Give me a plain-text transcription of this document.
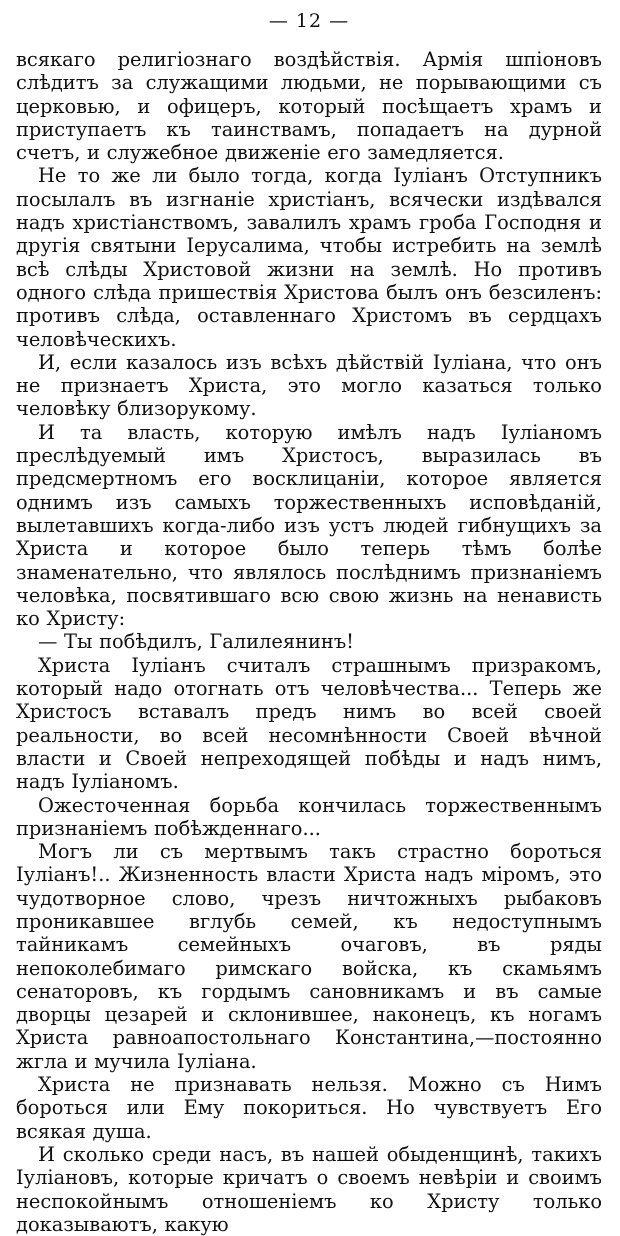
— 12 —

всякаго религiознаго воздѣйствiя. Армiя шпiоновъ слѣдитъ за служащими людьми, не порывающими съ церковью, и офицеръ, который посѣщаетъ храмъ и приступаетъ къ таинствамъ, попадаетъ на дурной счетъ, и служебное движенiе его замедляется.

Не то же ли было тогда, когда Iулiанъ Отступникъ посылалъ въ изгнанiе христiанъ, всячески издѣвался надъ христiанствомъ, завалилъ храмъ гроба Господня и другiя святыни Iерусалима, чтобы истребить на землѣ всѣ слѣды Христовой жизни на землѣ. Но противъ одного слѣда пришествiя Христова былъ онъ безсиленъ: противъ слѣда, оставленнаго Христомъ въ сердцахъ человѣческихъ.

И, если казалось изъ всѣхъ дѣйствiй Iулiана, что онъ не признаетъ Христа, это могло казаться только человѣку близорукому.

И та власть, которую имѣлъ надъ Iулiаномъ преслѣдуемый имъ Христосъ, выразилась въ предсмертномъ его восклицанiи, которое является однимъ изъ самыхъ торжественныхъ исповѣданiй, вылетавшихъ когда-либо изъ устъ людей гибнущихъ за Христа и которое было теперь тѣмъ болѣе знаменательно, что являлось послѣднимъ признанiемъ человѣка, посвятившаго всю свою жизнь на ненависть ко Христу:

— Ты побѣдилъ, Галилеянинъ!

Христа Iулiанъ считалъ страшнымъ призракомъ, который надо отогнать отъ человѣчества... Теперь же Христосъ вставалъ предъ нимъ во всей своей реальности, во всей несомнѣнности Своей вѣчной власти и Своей непреходящей побѣды и надъ нимъ, надъ Iулiаномъ.

Ожесточенная борьба кончилась торжественнымъ признанiемъ побѣжденнаго...

Могъ ли съ мертвымъ такъ страстно бороться Iулiанъ!.. Жизненность власти Христа надъ мiромъ, это чудотворное слово, чрезъ ничтожныхъ рыбаковъ проникавшее вглубь семей, къ недоступнымъ тайникамъ семейныхъ очаговъ, въ ряды непоколебимаго римскаго войска, къ скамьямъ сенаторовъ, къ гордымъ сановникамъ и въ самые дворцы цезарей и склонившее, наконецъ, къ ногамъ Христа равноапостольнаго Константина,—постоянно жгла и мучила Iулiана.

Христа не признавать нельзя. Можно съ Нимъ бороться или Ему покориться. Но чувствуетъ Его всякая душа.

И сколько среди насъ, въ нашей обыденщинѣ, такихъ Iулiановъ, которые кричатъ о своемъ невѣрiи и своимъ неспокойнымъ отношенiемъ ко Христу только доказываютъ, какую
